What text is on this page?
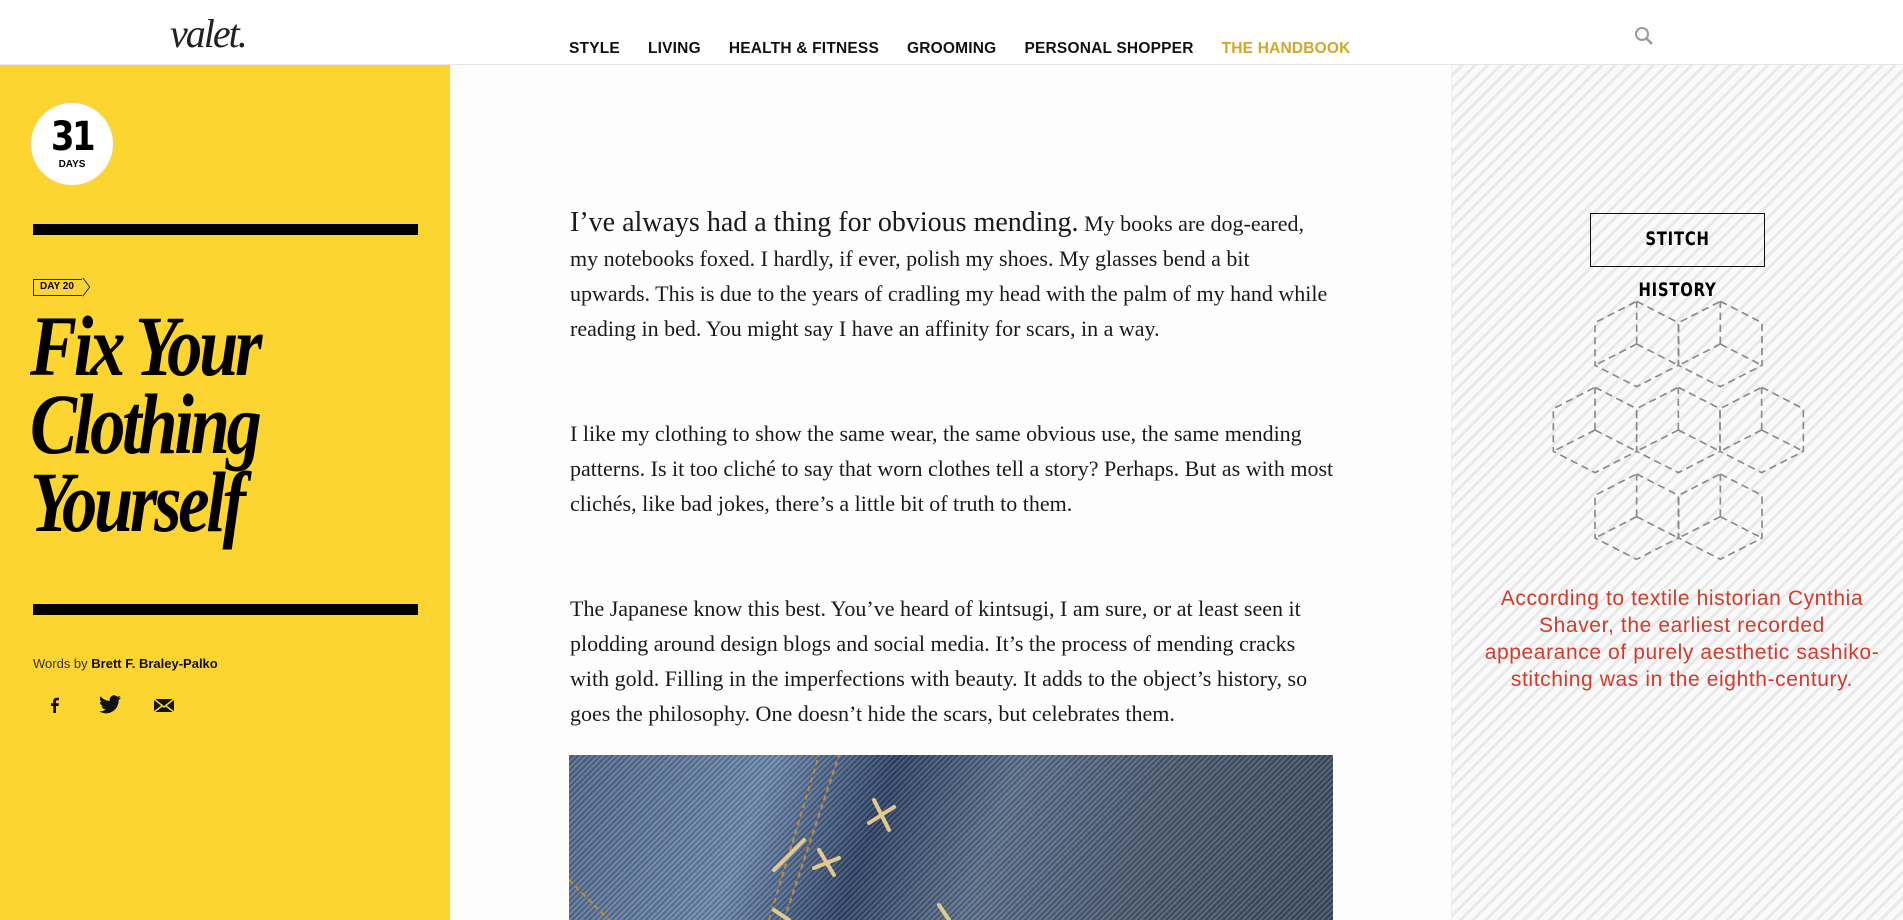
valet.	STYLE LIVING HEALTH & FITNESS GROOMING PERSONAL SHOPPER THE HANDBOOK
31
DAYS
DAY 20
Fix Your
Clothing
Yourself
Words by Brett F. Braley-Palko

I’ve always had a thing for obvious mending. My books are dog-eared, my notebooks foxed. I hardly, if ever, polish my shoes. My glasses bend a bit upwards. This is due to the years of cradling my head with the palm of my hand while reading in bed. You might say I have an affinity for scars, in a way.

I like my clothing to show the same wear, the same obvious use, the same mending patterns. Is it too cliché to say that worn clothes tell a story? Perhaps. But as with most clichés, like bad jokes, there’s a little bit of truth to them.

The Japanese know this best. You’ve heard of kintsugi, I am sure, or at least seen it plodding around design blogs and social media. It’s the process of mending cracks with gold. Filling in the imperfections with beauty. It adds to the object’s history, so goes the philosophy. One doesn’t hide the scars, but celebrates them.

STITCH HISTORY
According to textile historian Cynthia Shaver, the earliest recorded appearance of purely aesthetic sashiko-stitching was in the eighth-century.
